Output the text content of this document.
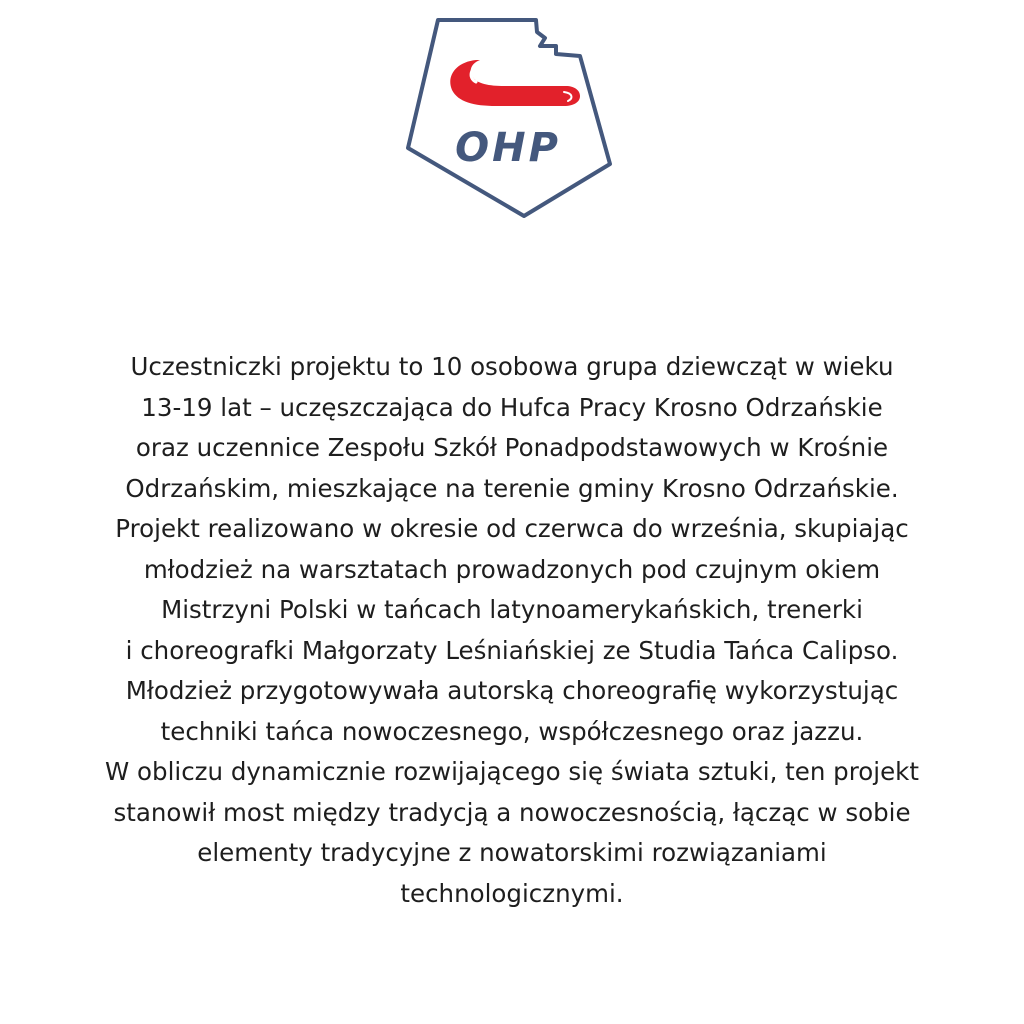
OHP

Uczestniczki projektu to 10 osobowa grupa dziewcząt w wieku
13-19 lat – uczęszczająca do Hufca Pracy Krosno Odrzańskie
oraz uczennice Zespołu Szkół Ponadpodstawowych w Krośnie
Odrzańskim, mieszkające na terenie gminy Krosno Odrzańskie.
Projekt realizowano w okresie od czerwca do września, skupiając
młodzież na warsztatach prowadzonych pod czujnym okiem
Mistrzyni Polski w tańcach latynoamerykańskich, trenerki
i choreografki Małgorzaty Leśniańskiej ze Studia Tańca Calipso.
Młodzież przygotowywała autorską choreografię wykorzystując
techniki tańca nowoczesnego, współczesnego oraz jazzu.
W obliczu dynamicznie rozwijającego się świata sztuki, ten projekt
stanowił most między tradycją a nowoczesnością, łącząc w sobie
elementy tradycyjne z nowatorskimi rozwiązaniami
technologicznymi.
